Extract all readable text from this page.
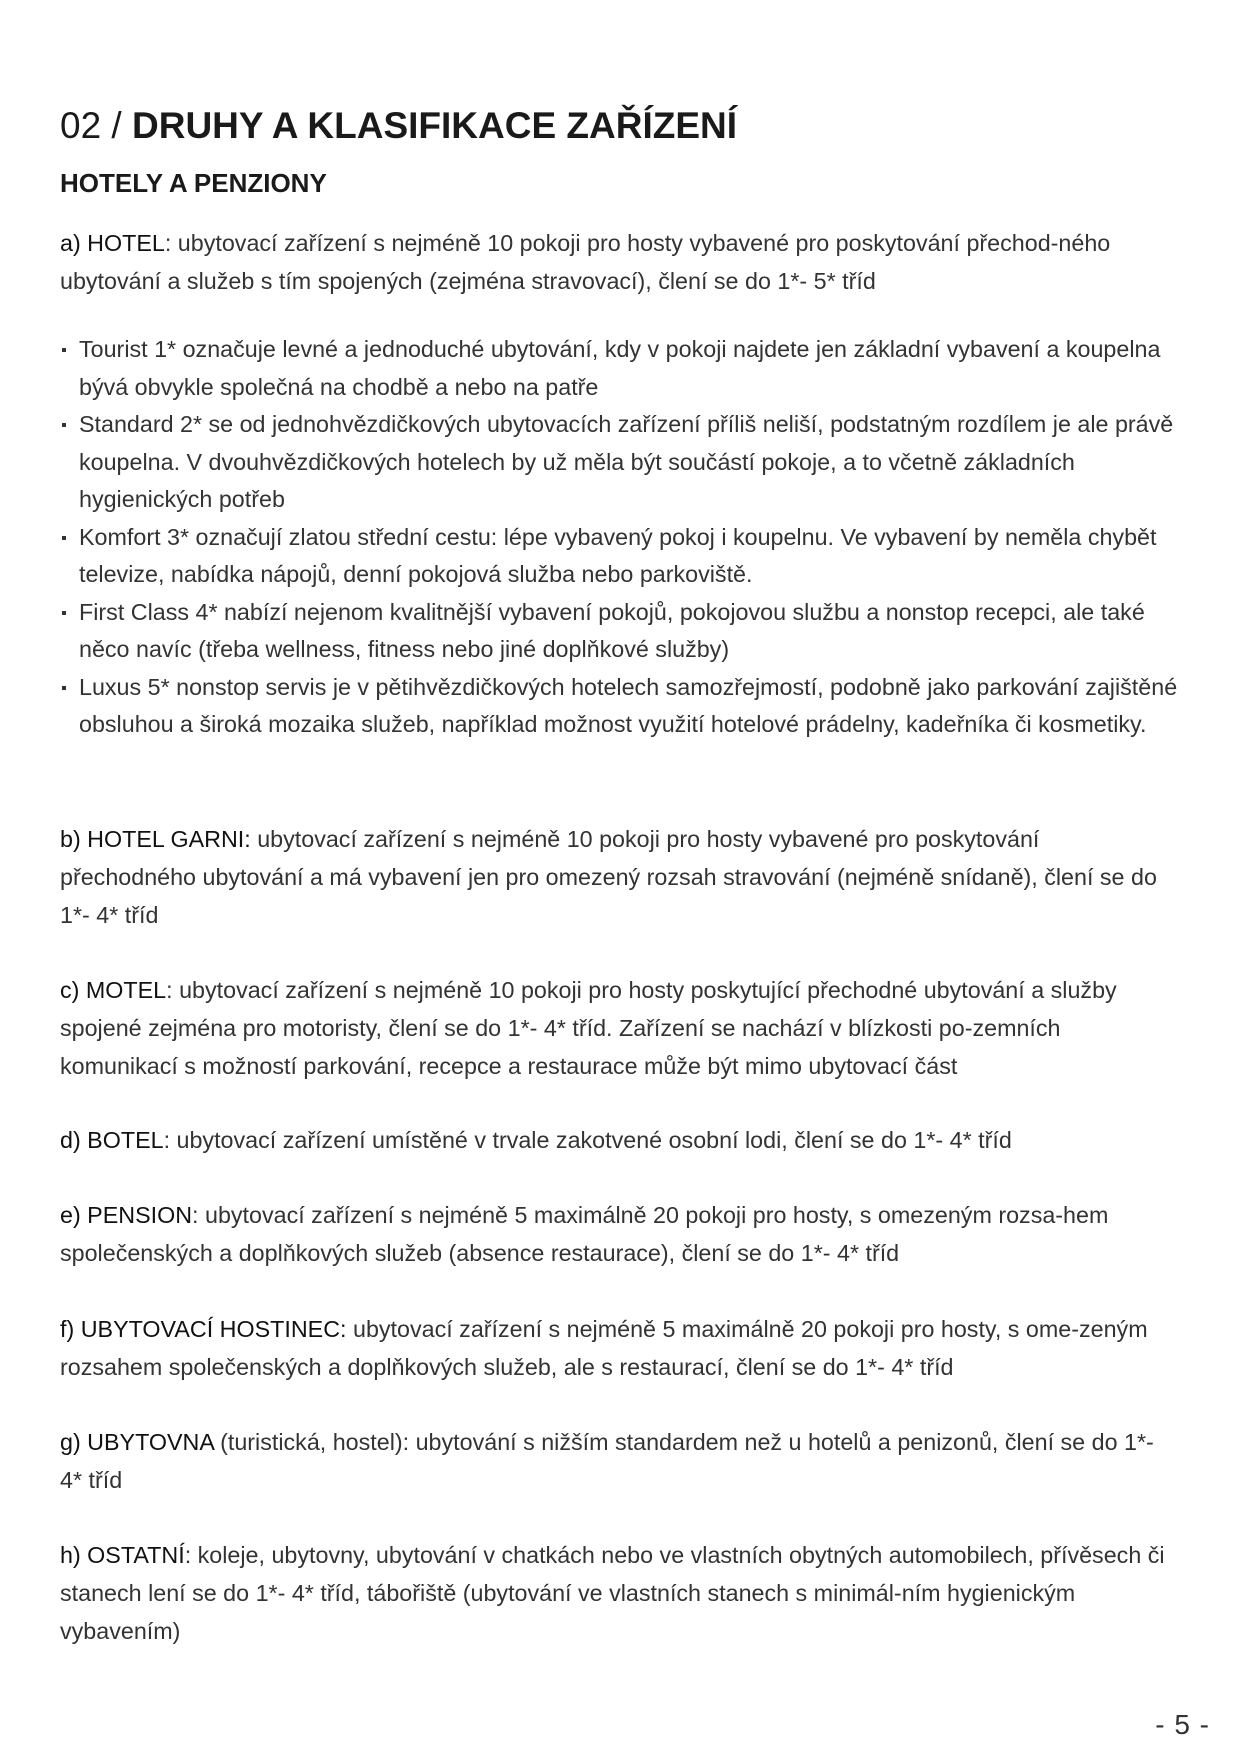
02 / DRUHY A KLASIFIKACE ZAŘÍZENÍ
HOTELY A PENZIONY

a) HOTEL: ubytovací zařízení s nejméně 10 pokoji pro hosty vybavené pro poskytování přechod-ného ubytování a služeb s tím spojených (zejména stravovací), člení se do 1*- 5* tříd

Tourist 1* označuje levné a jednoduché ubytování, kdy v pokoji najdete jen základní vybavení a koupelna bývá obvykle společná na chodbě a nebo na patře
Standard 2* se od jednohvězdičkových ubytovacích zařízení příliš neliší, podstatným rozdílem je ale právě koupelna. V dvouhvězdičkových hotelech by už měla být součástí pokoje, a to včetně základních hygienických potřeb
Komfort 3* označují zlatou střední cestu: lépe vybavený pokoj i koupelnu. Ve vybavení by neměla chybět televize, nabídka nápojů, denní pokojová služba nebo parkoviště.
First Class 4* nabízí nejenom kvalitnější vybavení pokojů, pokojovou službu a nonstop recepci, ale také něco navíc (třeba wellness, fitness nebo jiné doplňkové služby)
Luxus 5* nonstop servis je v pětihvězdičkových hotelech samozřejmostí, podobně jako parkování zajištěné obsluhou a široká mozaika služeb, například možnost využití hotelové prádelny, kadeřníka či kosmetiky.

b) HOTEL GARNI: ubytovací zařízení s nejméně 10 pokoji pro hosty vybavené pro poskytování přechodného ubytování a má vybavení jen pro omezený rozsah stravování (nejméně snídaně), člení se do 1*- 4* tříd

c) MOTEL: ubytovací zařízení s nejméně 10 pokoji pro hosty poskytující přechodné ubytování a služby spojené zejména pro motoristy, člení se do 1*- 4* tříd. Zařízení se nachází v blízkosti po-zemních komunikací s možností parkování, recepce a restaurace může být mimo ubytovací část

d) BOTEL: ubytovací zařízení umístěné v trvale zakotvené osobní lodi, člení se do 1*- 4* tříd

e) PENSION: ubytovací zařízení s nejméně 5 maximálně 20 pokoji pro hosty, s omezeným rozsa-hem společenských a doplňkových služeb (absence restaurace), člení se do 1*- 4* tříd

f) UBYTOVACÍ HOSTINEC: ubytovací zařízení s nejméně 5 maximálně 20 pokoji pro hosty, s ome-zeným rozsahem společenských a doplňkových služeb, ale s restaurací, člení se do 1*- 4* tříd

g) UBYTOVNA (turistická, hostel): ubytování s nižším standardem než u hotelů a penizonů, člení se do 1*- 4* tříd

h) OSTATNÍ: koleje, ubytovny, ubytování v chatkách nebo ve vlastních obytných automobilech, přívěsech či stanech lení se do 1*- 4* tříd, tábořiště (ubytování ve vlastních stanech s minimál-ním hygienickým vybavením)

- 5 -
